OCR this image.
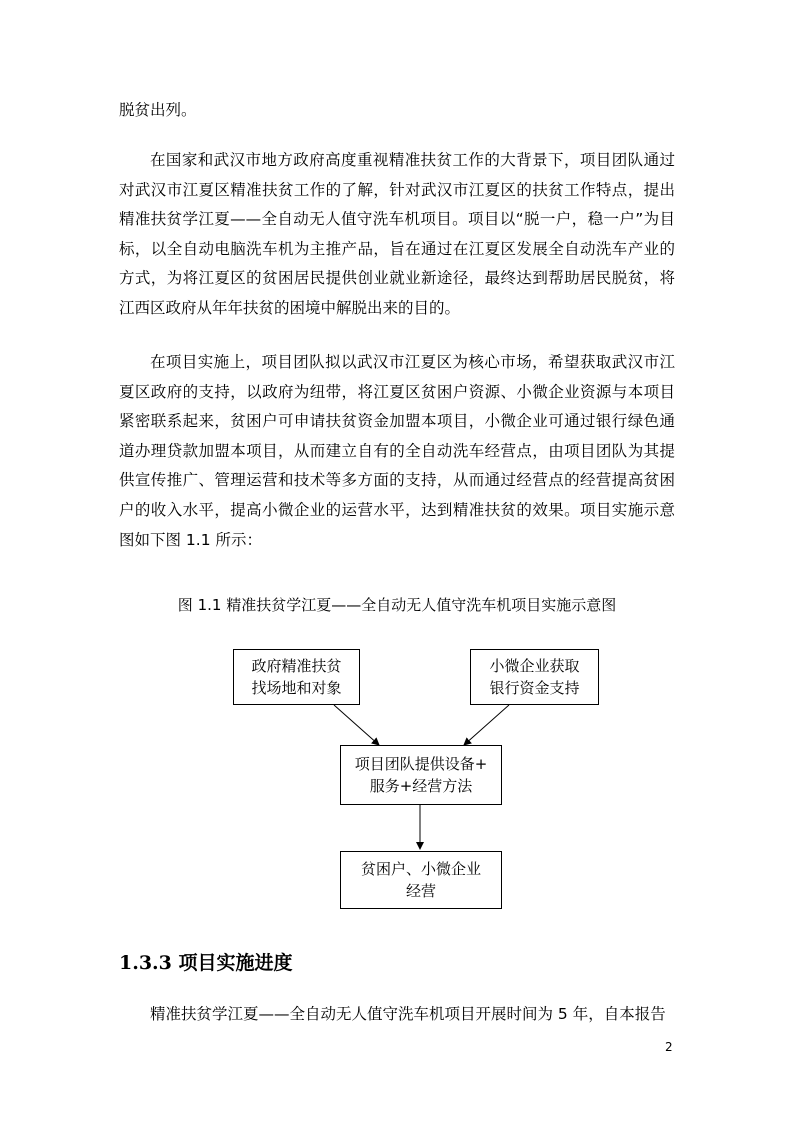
脱贫出列。

在国家和武汉市地方政府高度重视精准扶贫工作的大背景下，项目团队通过对武汉市江夏区精准扶贫工作的了解，针对武汉市江夏区的扶贫工作特点，提出精准扶贫学江夏——全自动无人值守洗车机项目。项目以“脱一户，稳一户”为目标，以全自动电脑洗车机为主推产品，旨在通过在江夏区发展全自动洗车产业的方式，为将江夏区的贫困居民提供创业就业新途径，最终达到帮助居民脱贫，将江西区政府从年年扶贫的困境中解脱出来的目的。

在项目实施上，项目团队拟以武汉市江夏区为核心市场，希望获取武汉市江夏区政府的支持，以政府为纽带，将江夏区贫困户资源、小微企业资源与本项目紧密联系起来，贫困户可申请扶贫资金加盟本项目，小微企业可通过银行绿色通道办理贷款加盟本项目，从而建立自有的全自动洗车经营点，由项目团队为其提供宣传推广、管理运营和技术等多方面的支持，从而通过经营点的经营提高贫困户的收入水平，提高小微企业的运营水平，达到精准扶贫的效果。项目实施示意图如下图 1.1 所示：

图 1.1 精准扶贫学江夏——全自动无人值守洗车机项目实施示意图
政府精准扶贫
找场地和对象
小微企业获取
银行资金支持
项目团队提供设备+
服务+经营方法
贫困户、小微企业
经营
1.3.3 项目实施进度

精准扶贫学江夏——全自动无人值守洗车机项目开展时间为 5 年，自本报告

2
